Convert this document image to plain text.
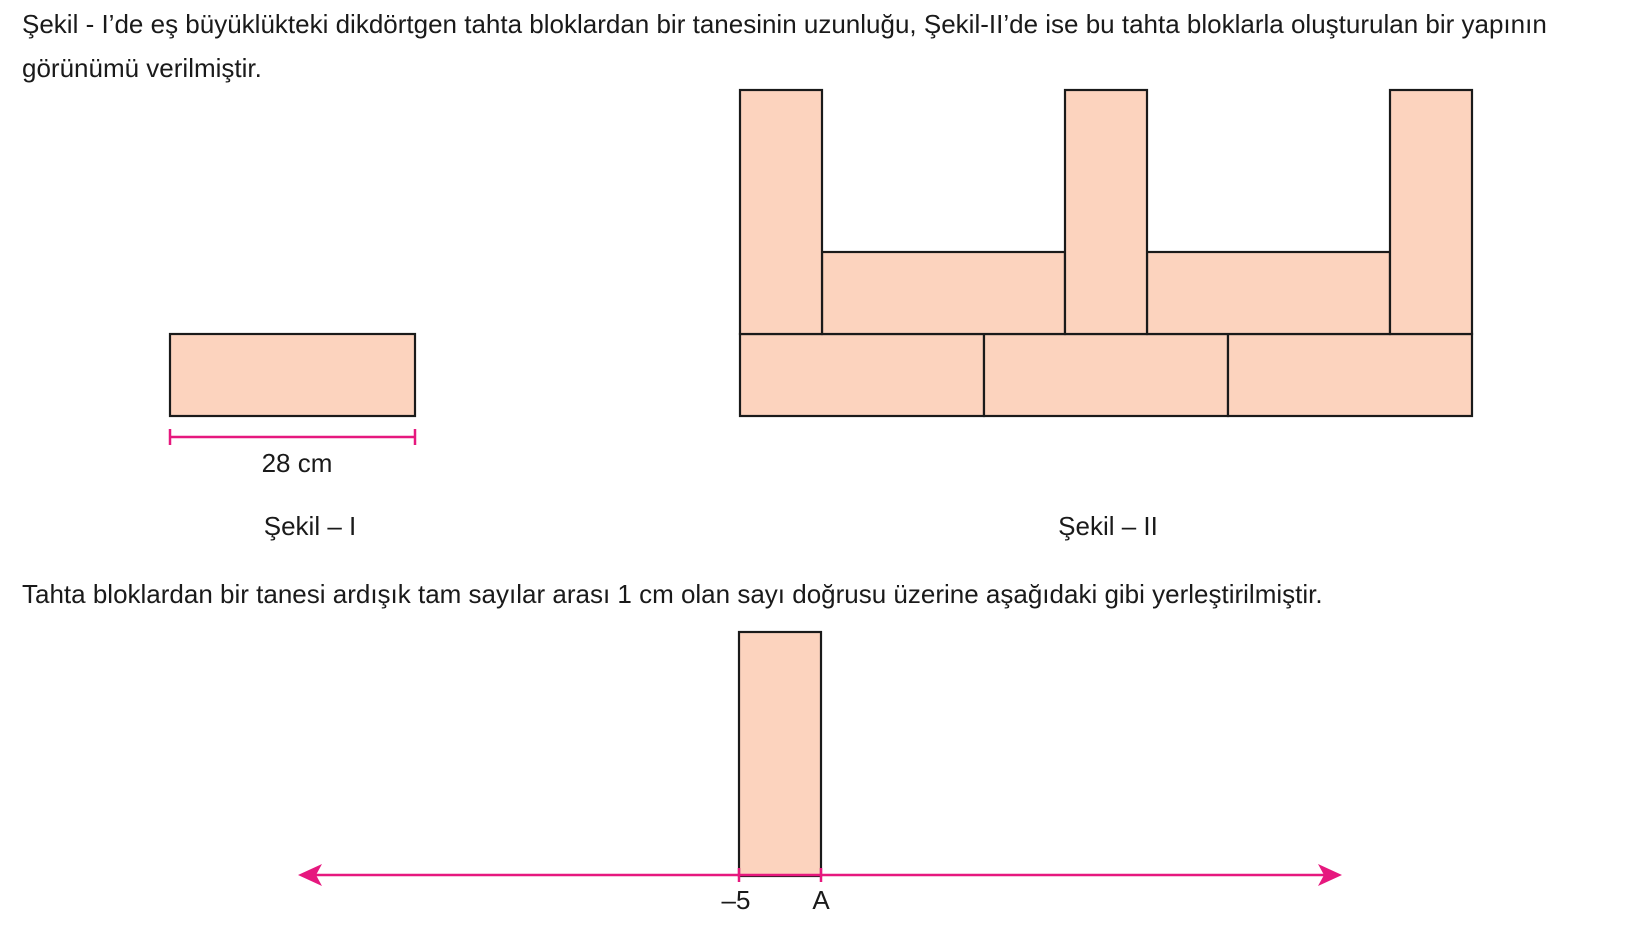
Şekil - I’de eş büyüklükteki dikdörtgen tahta bloklardan bir tanesinin uzunluğu, Şekil-II’de ise bu tahta bloklarla oluşturulan bir yapının görünümü verilmiştir.

Tahta bloklardan bir tanesi ardışık tam sayılar arası 1 cm olan sayı doğrusu üzerine aşağıdaki gibi yerleştirilmiştir.

28 cm
Şekil – I	Şekil – II
–5 A
